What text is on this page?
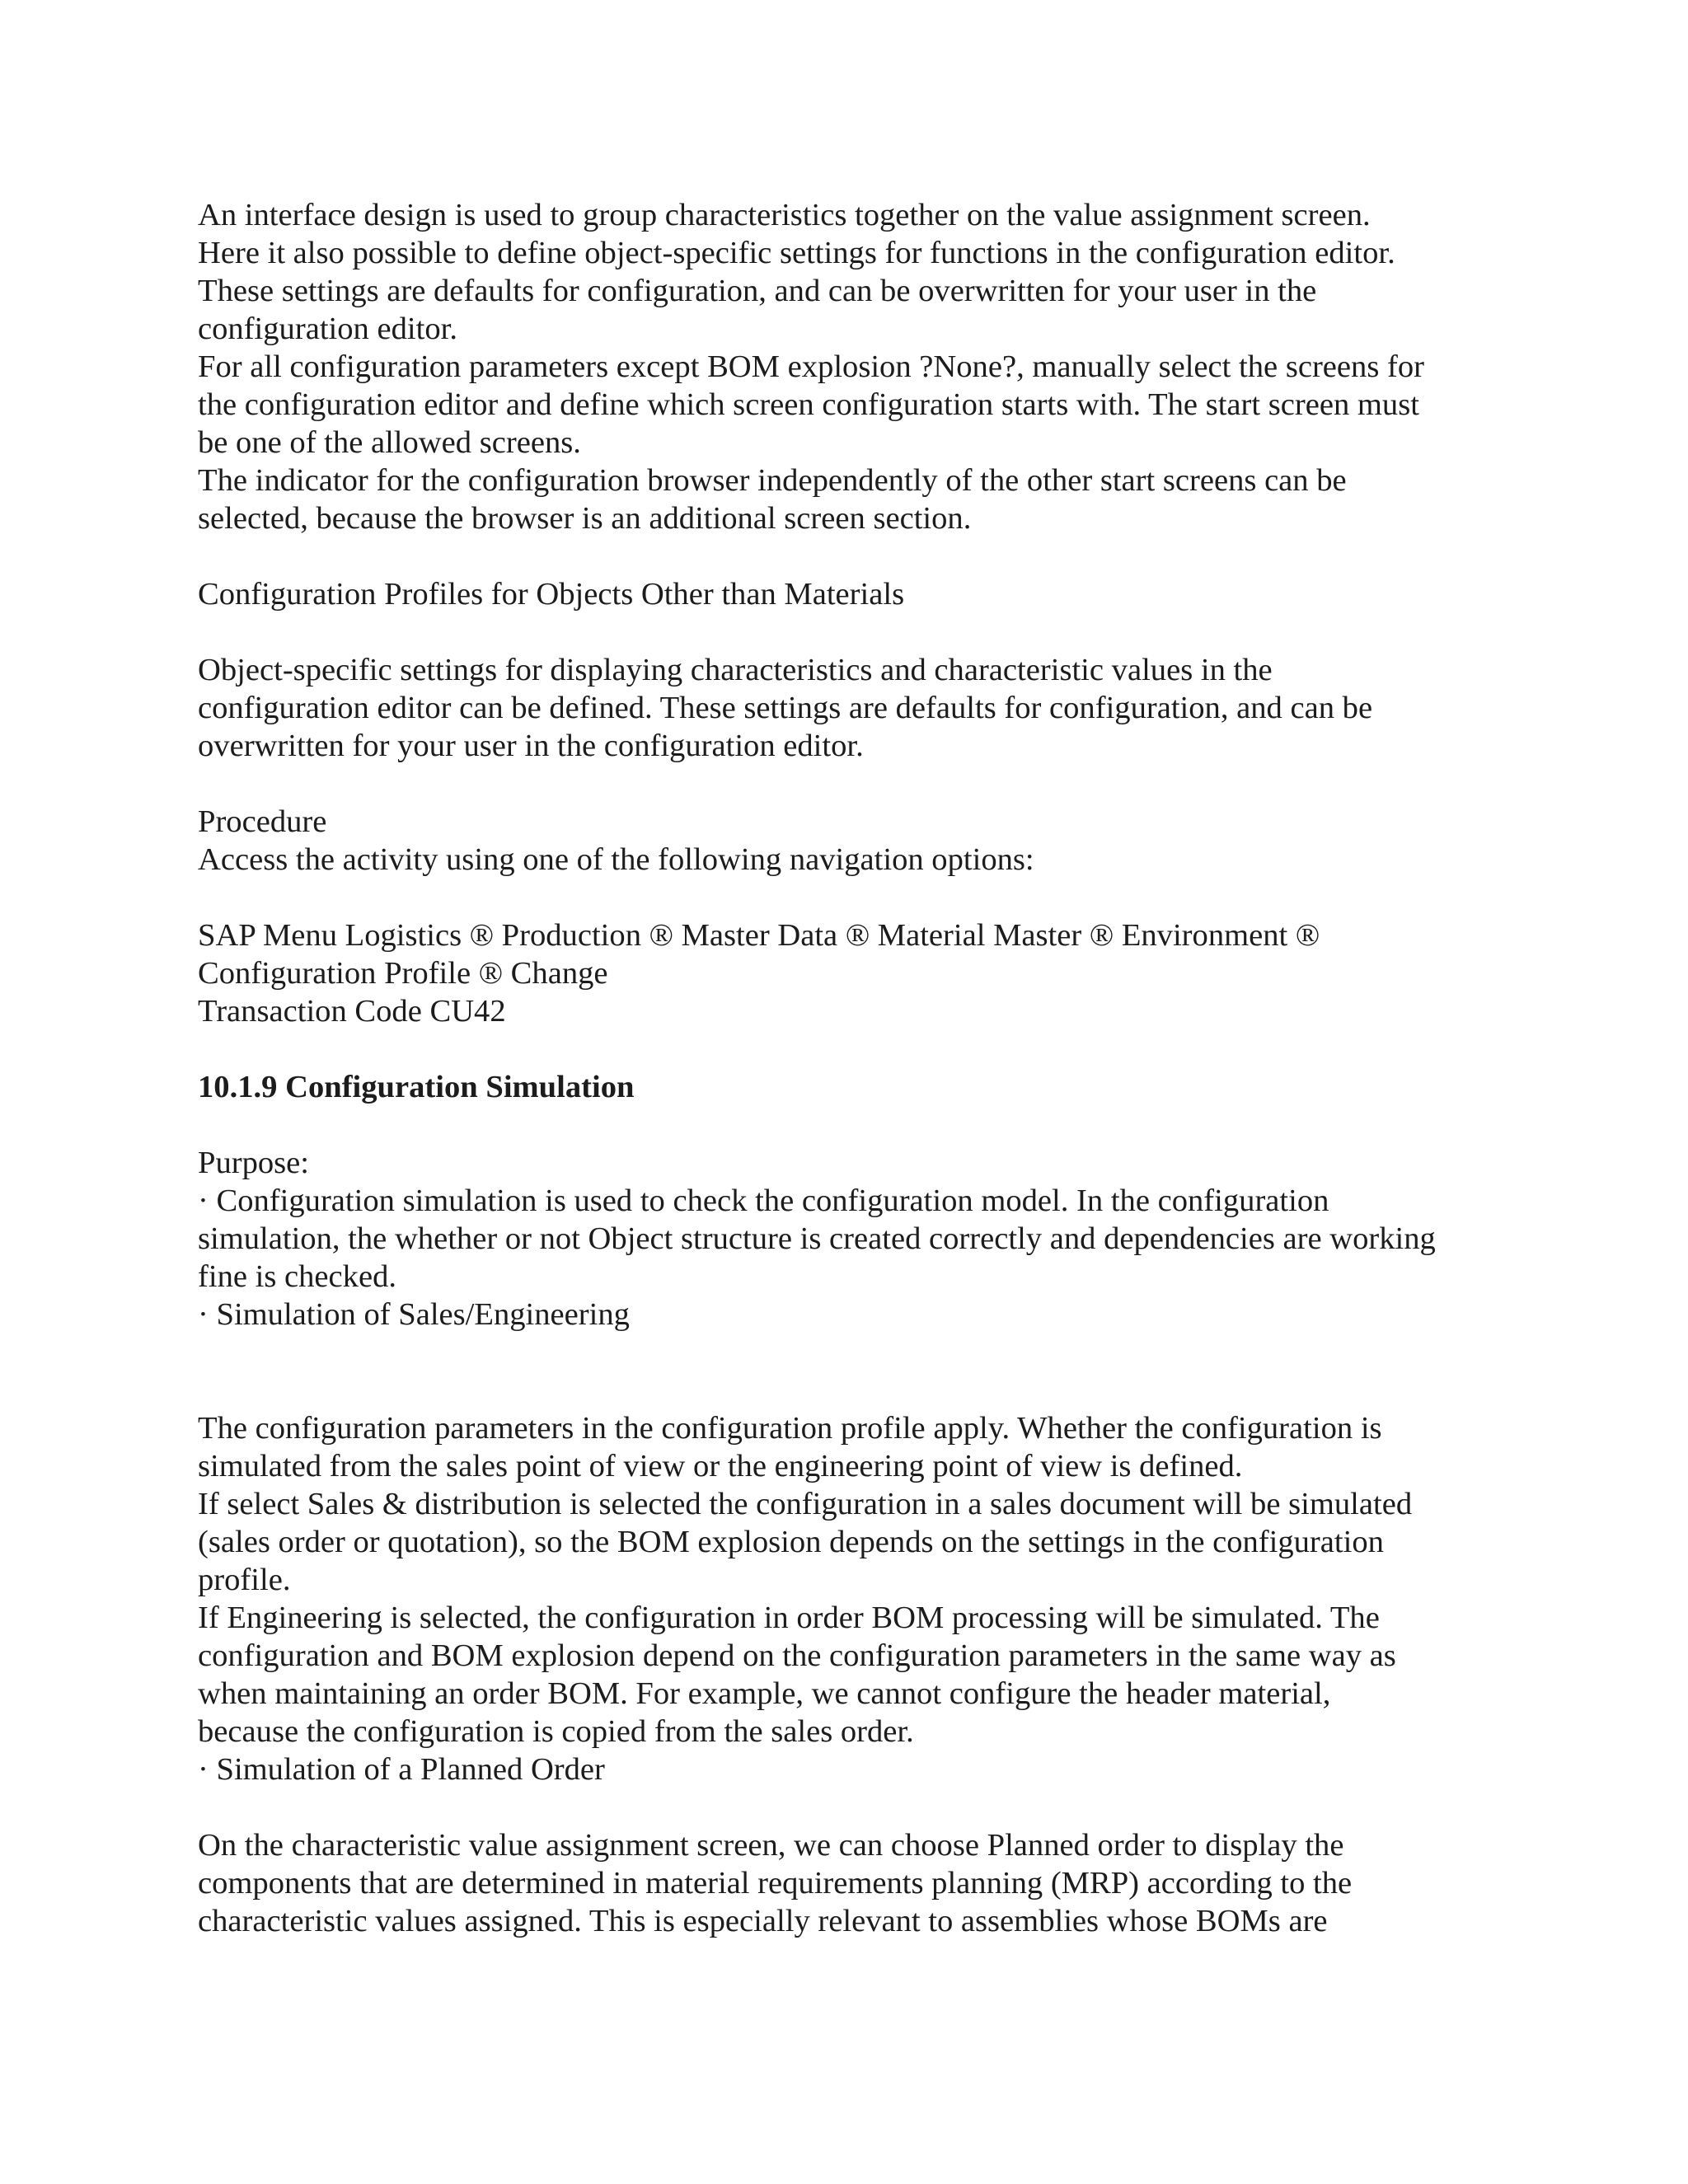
An interface design is used to group characteristics together on the value assignment screen.
Here it also possible to define object-specific settings for functions in the configuration editor.
These settings are defaults for configuration, and can be overwritten for your user in the
configuration editor.
For all configuration parameters except BOM explosion ?None?, manually select the screens for
the configuration editor and define which screen configuration starts with. The start screen must
be one of the allowed screens.
The indicator for the configuration browser independently of the other start screens can be
selected, because the browser is an additional screen section.
Configuration Profiles for Objects Other than Materials
Object-specific settings for displaying characteristics and characteristic values in the
configuration editor can be defined. These settings are defaults for configuration, and can be
overwritten for your user in the configuration editor.
Procedure
Access the activity using one of the following navigation options:
SAP Menu Logistics ® Production ® Master Data ® Material Master ® Environment ®
Configuration Profile ® Change
Transaction Code CU42
10.1.9 Configuration Simulation
Purpose:
· Configuration simulation is used to check the configuration model. In the configuration
simulation, the whether or not Object structure is created correctly and dependencies are working
fine is checked.
· Simulation of Sales/Engineering
The configuration parameters in the configuration profile apply. Whether the configuration is
simulated from the sales point of view or the engineering point of view is defined.
If select Sales & distribution is selected the configuration in a sales document will be simulated
(sales order or quotation), so the BOM explosion depends on the settings in the configuration
profile.
If Engineering is selected, the configuration in order BOM processing will be simulated. The
configuration and BOM explosion depend on the configuration parameters in the same way as
when maintaining an order BOM. For example, we cannot configure the header material,
because the configuration is copied from the sales order.
· Simulation of a Planned Order
On the characteristic value assignment screen, we can choose Planned order to display the
components that are determined in material requirements planning (MRP) according to the
characteristic values assigned. This is especially relevant to assemblies whose BOMs are
